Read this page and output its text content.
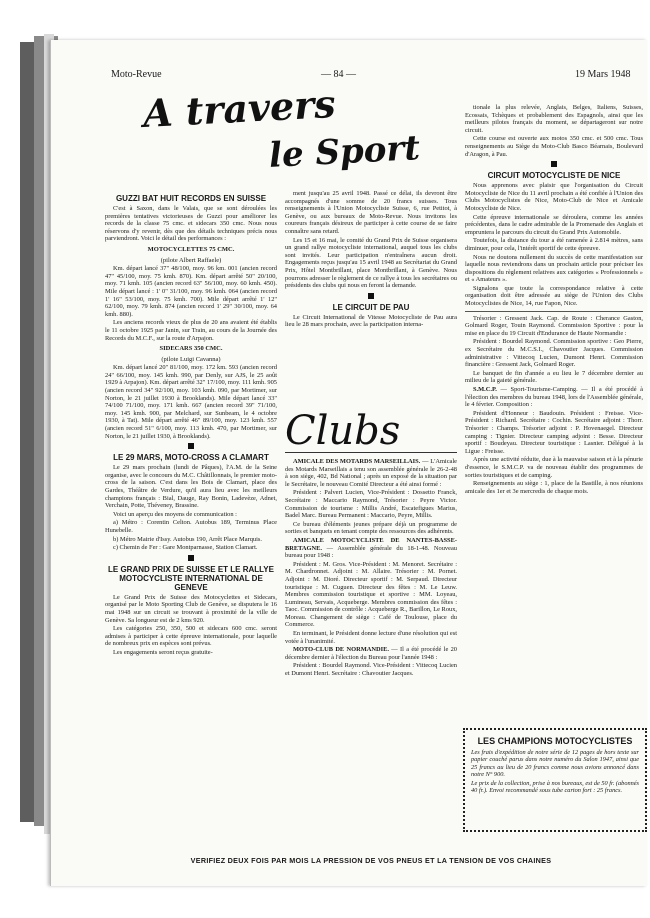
Moto-Revue	— 84 —	19 Mars 1948
A travers
le Sport
GUZZI BAT HUIT RECORDS EN SUISSE

C'est à Saxon, dans le Valais, que se sont déroulées les premières tentatives victorieuses de Guzzi pour améliorer les records de la classe 75 cmc. et sidecars 350 cmc. Nous nous réservons d'y revenir, dès que des détails techniques précis nous parviendront. Voici le détail des performances :

MOTOCYCLETTES 75 CMC.
(pilote Albert Raffaele)

Km. départ lancé 37" 48/100, moy. 96 km. 001 (ancien record 47" 45/100, moy. 75 kmh. 870). Km. départ arrêté 50" 20/100, moy. 71 kmh. 105 (ancien record 63" 56/100, moy. 60 kmh. 450). Mile départ lancé : 1' 0" 31/100, moy. 96 kmh. 064 (ancien record 1' 16" 53/100, moy. 75 kmh. 700). Mile départ arrêté 1' 12" 62/100, moy. 79 kmh. 874 (ancien record 1' 29" 30/100, moy. 64 kmh. 880).

Les anciens records vieux de plus de 20 ans avaient été établis le 11 octobre 1925 par Janin, sur Train, au cours de la Journée des Records du M.C.F., sur la route d'Arpajon.

SIDECARS 350 CMC.
(pilote Luigi Cavanna)

Km. départ lancé 20" 81/100, moy. 172 km. 593 (ancien record 24" 66/100, moy. 145 kmh. 990, par Denly, sur AJS, le 25 août 1929 à Arpajon). Km. départ arrêté 32" 17/100, moy. 111 kmh. 905 (ancien record 34" 92/100, moy. 103 kmh. 090, par Mortimer, sur Norton, le 21 juillet 1930 à Brooklands). Mile départ lancé 33" 74/100 71/100, moy. 171 kmh. 667 (ancien record 39" 71/100, moy. 145 kmh. 900, par Melchard, sur Sunbeam, le 4 octobre 1930, à Tat). Mile départ arrêté 46" 89/100, moy. 123 kmh. 557 (ancien record 51" 6/100, moy. 113 kmh. 470, par Mortimer, sur Norton, le 21 juillet 1930, à Brooklands).

LE 29 MARS, MOTO-CROSS A CLAMART

Le 29 mars prochain (lundi de Pâques), l'A.M. de la Seine organise, avec le concours du M.C. Châtillonnais, le premier moto-cross de la saison. C'est dans les Bois de Clamart, place des Gardes, Théâtre de Verdure, qu'il aura lieu avec les meilleurs champions français : Bial, Dauge, Ray Bonin, Ladevèze, Adnet, Verchain, Potte, Théveney, Brassine.

Voici un aperçu des moyens de communication :

a) Métro : Corentin Celton. Autobus 189, Terminus Place Hunebelle.

b) Métro Mairie d'Issy. Autobus 190, Arrêt Place Marquis.

c) Chemin de Fer : Gare Montparnasse, Station Clamart.

LE GRAND PRIX DE SUISSE ET LE RALLYE MOTOCYCLISTE INTERNATIONAL DE GENEVE

Le Grand Prix de Suisse des Motocyclettes et Sidecars, organisé par le Moto Sporting Club de Genève, se disputera le 16 mai 1948 sur un circuit se trouvant à proximité de la ville de Genève. Sa longueur est de 2 kms 920.

Les catégories 250, 350, 500 et sidecars 600 cmc. seront admises à participer à cette épreuve internationale, pour laquelle de nombreux prix en espèces sont prévus.

Les engagements seront reçus gratuite-

ment jusqu'au 25 avril 1948. Passé ce délai, ils devront être accompagnés d'une somme de 20 francs suisses. Tous renseignements à l'Union Motocycliste Suisse, 6, rue Petitot, à Genève, ou aux bureaux de Moto-Revue. Nous invitons les coureurs français désireux de participer à cette course de se faire connaître sans retard.

Les 15 et 16 mai, le comité du Grand Prix de Suisse organisera un grand rallye motocycliste international, auquel tous les clubs sont invités. Leur participation n'entraînera aucun droit. Engagements reçus jusqu'au 15 avril 1948 au Secrétariat du Grand Prix, Hôtel Montbrillant, place Montbrillant, à Genève. Nous pourrons adresser le règlement de ce rallye à tous les secrétaires ou présidents des clubs qui nous en feront la demande.

LE CIRCUIT DE PAU

Le Circuit International de Vitesse Motocycliste de Pau aura lieu le 28 mars prochain, avec la participation interna-

Clubs

AMICALE DES MOTARDS MARSEILLAIS. — L'Amicale des Motards Marseillais a tenu son assemblée générale le 26-2-48 à son siège, 402, Bd National ; après un exposé de la situation par le Secrétaire, le nouveau Comité Directeur a été ainsi formé :

Président : Palvert Lucien, Vice-Président : Dossetto Franck, Secrétaire : Maccario Raymond, Trésorier : Peyre Victor. Commission de tourisme : Millis André, Escatefigues Marius, Badel Marc. Bureau Permanent : Maccario, Peyre, Millis.

Ce bureau d'éléments jeunes prépare déjà un programme de sorties et banquets en tenant compte des ressources des adhérents.

AMICALE MOTOCYCLISTE DE NANTES-BASSE-BRETAGNE. — Assemblée générale du 18-1-48. Nouveau bureau pour 1948 :

Président : M. Gros. Vice-Président : M. Menoret. Secrétaire : M. Chardronnet. Adjoint : M. Allaire. Trésorier : M. Pornet. Adjoint : M. Dioré. Directeur sportif : M. Serpaud. Directeur touristique : M. Cuguen. Directeur des fêtes : M. Le Leuw. Membres commission touristique et sportive : MM. Loyeau, Lumineau, Servais, Acqueberge. Membres commission des fêtes : Taoc. Commission de contrôle : Acqueberge R., Barillon, Le Roux, Moreau. Changement de siège : Café de Toulouse, place du Commerce.

En terminant, le Président donne lecture d'une résolution qui est votée à l'unanimité.

MOTO-CLUB DE NORMANDIE. — Il a été procédé le 20 décembre dernier à l'élection du Bureau pour l'année 1948 :

Président : Bourdel Raymond. Vice-Président : Vittecoq Lucien et Dumont Henri. Secrétaire : Chavoutier Jacques.

tionale la plus relevée, Anglais, Belges, Italiens, Suisses, Ecossais, Tchèques et probablement des Espagnols, ainsi que les meilleurs pilotes français du moment, se départageront sur notre circuit.

Cette course est ouverte aux motos 350 cmc. et 500 cmc. Tous renseignements au Siège du Moto-Club Basco Béarnais, Boulevard d'Aragon, à Pau.

CIRCUIT MOTOCYCLISTE DE NICE

Nous apprenons avec plaisir que l'organisation du Circuit Motocycliste de Nice du 11 avril prochain a été confiée à l'Union des Clubs Motocyclistes de Nice, Moto-Club de Nice et Amicale Motocycliste de Nice.

Cette épreuve internationale se déroulera, comme les années précédentes, dans le cadre admirable de la Promenade des Anglais et empruntera le parcours du circuit du Grand Prix Automobile.

Toutefois, la distance du tour a été ramenée à 2.814 mètres, sans diminuer, pour cela, l'intérêt sportif de cette épreuve.

Nous ne doutons nullement du succès de cette manifestation sur laquelle nous reviendrons dans un prochain article pour préciser les dispositions du règlement relatives aux catégories « Professionnels » et « Amateurs ».

Signalons que toute la correspondance relative à cette organisation doit être adressée au siège de l'Union des Clubs Motocyclistes de Nice, 14, rue Fapon, Nice.

Trésorier : Gressent Jack. Cap. de Route : Cherance Gaston, Golmard Roger, Touin Raymond. Commission Sportive : pour la mise en place du 19 Circuit d'Endurance de Haute Normandie :

Président : Bourdel Raymond. Commission sportive : Geo Pierre, ex Secrétaire du M.C.S.I., Chavoutier Jacques. Commission administrative : Vittecoq Lucien, Dumont Henri. Commission financière : Gressent Jack, Golmard Roger.

Le banquet de fin d'année a eu lieu le 7 décembre dernier au milieu de la gaieté générale.

S.M.C.P. — Sport-Tourisme-Camping. — Il a été procédé à l'élection des membres du bureau 1948, lors de l'Assemblée générale, le 4 février. Composition :

Président d'Honneur : Baudouin. Président : Freisse. Vice-Président : Richard. Secrétaire : Cochin. Secrétaire adjoint : Thorr. Trésorier : Champs. Trésorier adjoint : P. Hovenaegel. Directeur camping : Tignier. Directeur camping adjoint : Besse. Directeur sportif : Boudeyau. Directeur touristique : Lasnier. Délégué à la Ligue : Freisse.

Après une activité réduite, due à la mauvaise saison et à la pénurie d'essence, le S.M.C.P. va de nouveau établir des programmes de sorties touristiques et de camping.

Renseignements au siège : 1, place de la Bastille, à nos réunions amicale des 1er et 3e mercredis de chaque mois.

LES CHAMPIONS MOTOCYCLISTES

Les frais d'expédition de notre série de 12 pages de hors texte sur papier couché parus dans notre numéro du Salon 1947, ainsi que 25 francs au lieu de 20 francs comme nous avions annoncé dans notre N° 900.

Le prix de la collection, prise à nos bureaux, est de 50 fr. (abonnés 40 fr.). Envoi recommandé sous tube carton fort : 25 francs.

VERIFIEZ DEUX FOIS PAR MOIS LA PRESSION DE VOS PNEUS ET LA TENSION DE VOS CHAINES
